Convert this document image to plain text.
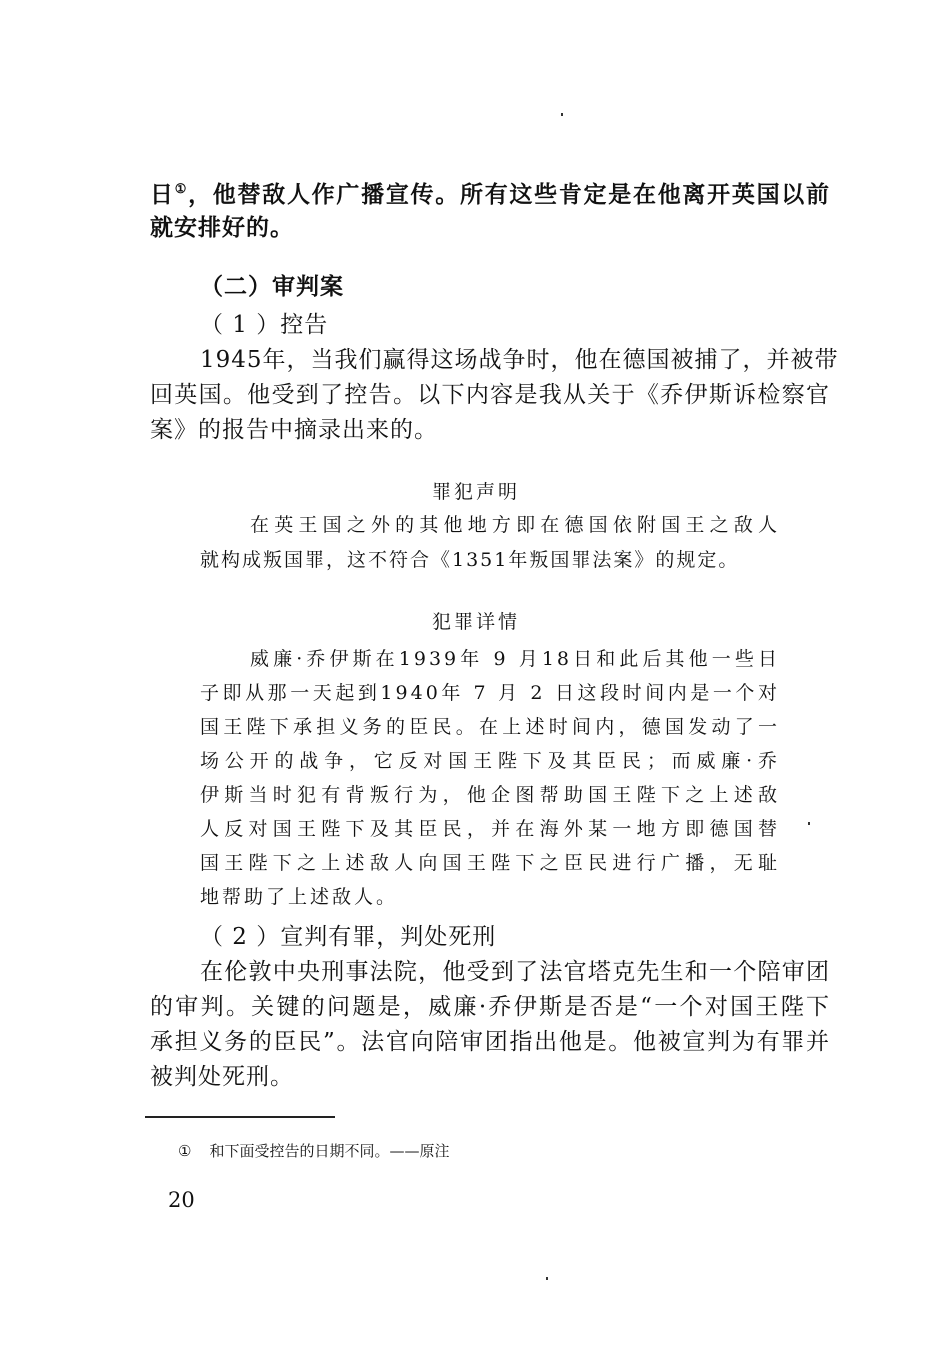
日①，他替敌人作广播宣传。所有这些肯定是在他离开英国以前
就安排好的。
（二）审判案
（ 1 ）控告
1945年，当我们赢得这场战争时，他在德国被捕了，并被带
回英国。他受到了控告。以下内容是我从关于《乔伊斯诉检察官
案》的报告中摘录出来的。
罪犯声明
在英王国之外的其他地方即在德国依附国王之敌人
就构成叛国罪，这不符合《1351年叛国罪法案》的规定。
犯罪详情
威廉·乔伊斯在1939年 9 月18日和此后其他一些日
子即从那一天起到1940年 7 月 2 日这段时间内是一个对
国王陛下承担义务的臣民。在上述时间内，德国发动了一
场公开的战争，它反对国王陛下及其臣民；而威廉·乔
伊斯当时犯有背叛行为，他企图帮助国王陛下之上述敌
人反对国王陛下及其臣民，并在海外某一地方即德国替
国王陛下之上述敌人向国王陛下之臣民进行广播，无耻
地帮助了上述敌人。
（ 2 ）宣判有罪，判处死刑
在伦敦中央刑事法院，他受到了法官塔克先生和一个陪审团
的审判。关键的问题是，威廉·乔伊斯是否是“一个对国王陛下
承担义务的臣民”。法官向陪审团指出他是。他被宣判为有罪并
被判处死刑。
① 和下面受控告的日期不同。——原注
20
